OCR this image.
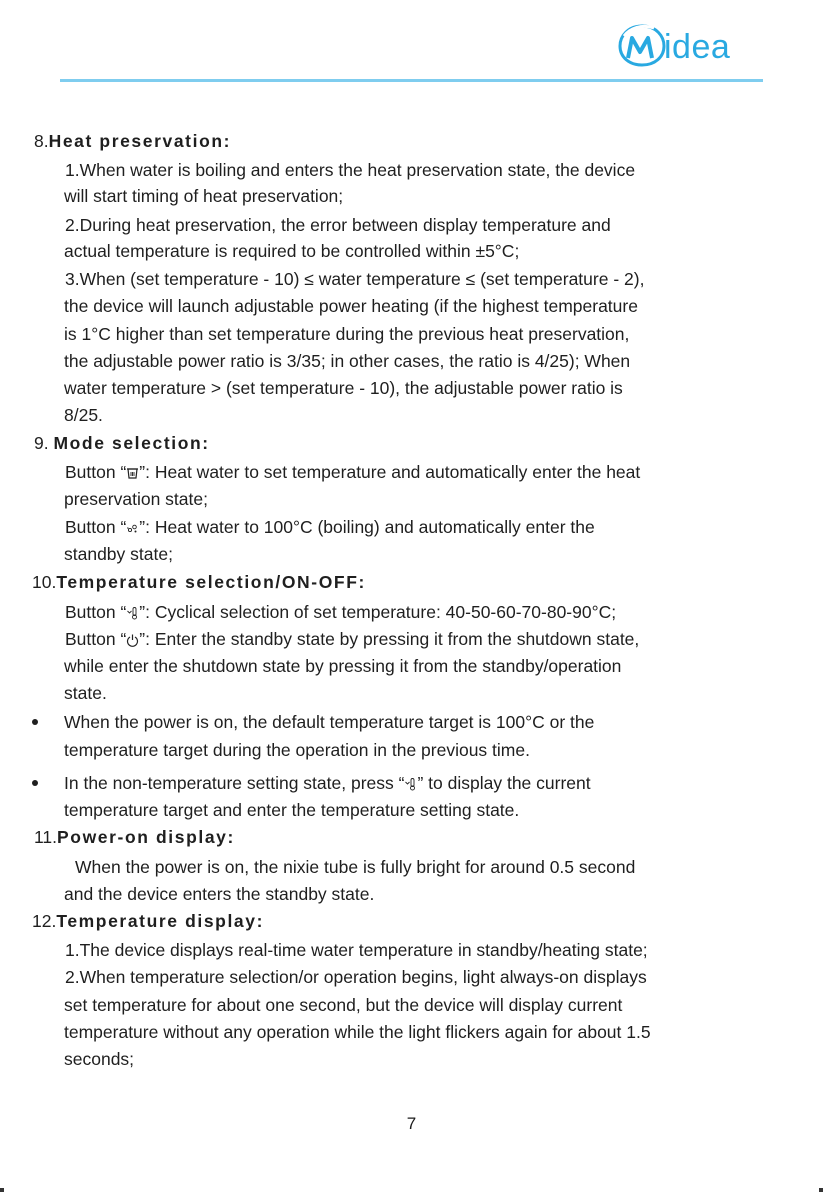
idea
8.Heat preservation:
1.When water is boiling and enters the heat preservation state, the device
will start timing of heat preservation;
2.During heat preservation, the error between display temperature and
actual temperature is required to be controlled within ±5°C;
3.When (set temperature - 10) ≤ water temperature ≤ (set temperature - 2),
the device will launch adjustable power heating (if the highest temperature
is 1°C higher than set temperature during the previous heat preservation,
the adjustable power ratio is 3/35; in other cases, the ratio is 4/25); When
water temperature > (set temperature - 10), the adjustable power ratio is
8/25.
9. Mode selection:
Button “ ”: Heat water to set temperature and automatically enter the heat
preservation state;
Button “ ”: Heat water to 100°C (boiling) and automatically enter the
standby state;
10.Temperature selection/ON-OFF:
Button “ ”: Cyclical selection of set temperature: 40-50-60-70-80-90°C;
Button “ ”: Enter the standby state by pressing it from the shutdown state,
while enter the shutdown state by pressing it from the standby/operation
state.
When the power is on, the default temperature target is 100°C or the
temperature target during the operation in the previous time.
In the non-temperature setting state, press “ ” to display the current
temperature target and enter the temperature setting state.
11.Power-on display:
When the power is on, the nixie tube is fully bright for around 0.5 second
and the device enters the standby state.
12.Temperature display:
1.The device displays real-time water temperature in standby/heating state;
2.When temperature selection/or operation begins, light always-on displays
set temperature for about one second, but the device will display current
temperature without any operation while the light flickers again for about 1.5
seconds;
7
